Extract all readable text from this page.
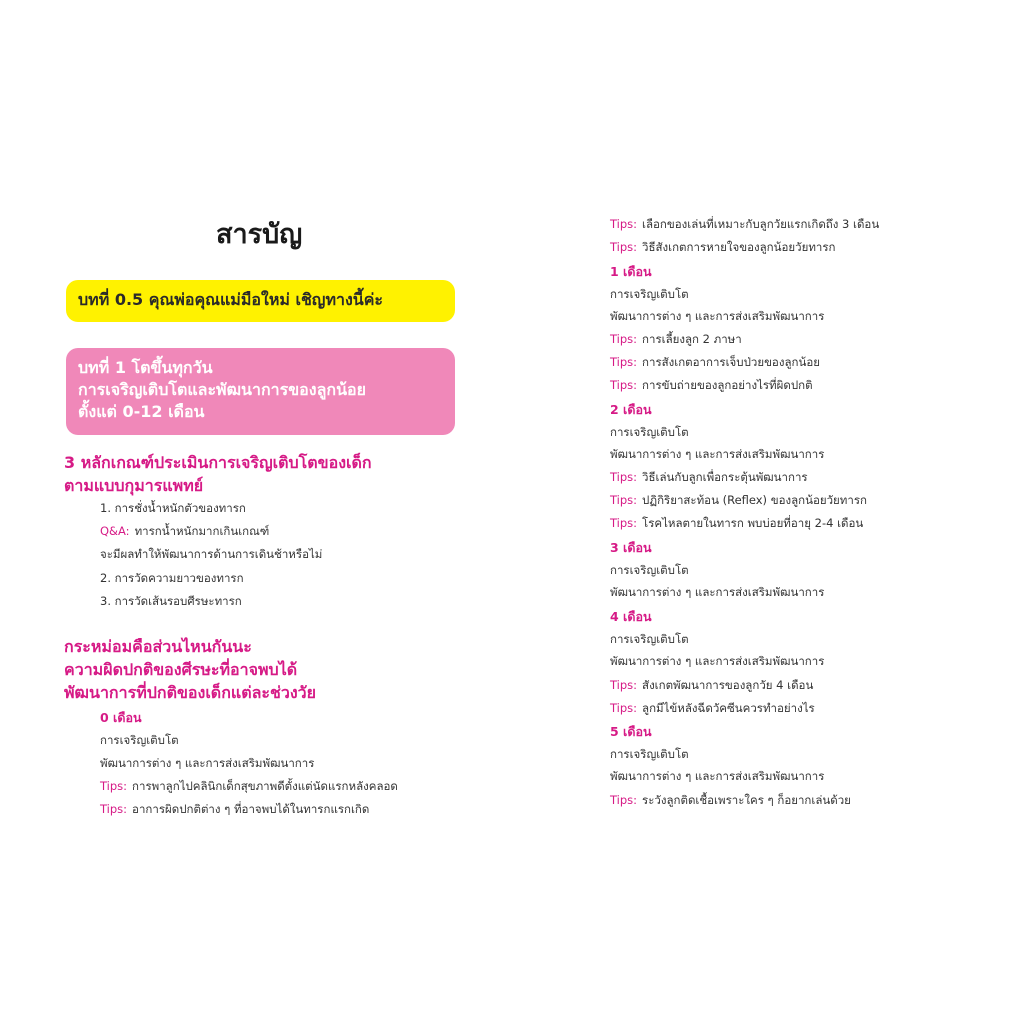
สารบัญ
บทที่ 0.5 คุณพ่อคุณแม่มือใหม่ เชิญทางนี้ค่ะ
บทที่ 1 โตขึ้นทุกวัน
การเจริญเติบโตและพัฒนาการของลูกน้อย
ตั้งแต่ 0-12 เดือน
3 หลักเกณฑ์ประเมินการเจริญเติบโตของเด็ก
ตามแบบกุมารแพทย์
1. การชั่งน้ำหนักตัวของทารก
Q&A: ทารกน้ำหนักมากเกินเกณฑ์
จะมีผลทำให้พัฒนาการด้านการเดินช้าหรือไม่
2. การวัดความยาวของทารก
3. การวัดเส้นรอบศีรษะทารก
กระหม่อมคือส่วนไหนกันนะ
ความผิดปกติของศีรษะที่อาจพบได้
พัฒนาการที่ปกติของเด็กแต่ละช่วงวัย
0 เดือน
การเจริญเติบโต
พัฒนาการต่าง ๆ และการส่งเสริมพัฒนาการ
Tips: การพาลูกไปคลินิกเด็กสุขภาพดีตั้งแต่นัดแรกหลังคลอด
Tips: อาการผิดปกติต่าง ๆ ที่อาจพบได้ในทารกแรกเกิด
Tips: เลือกของเล่นที่เหมาะกับลูกวัยแรกเกิดถึง 3 เดือน
Tips: วิธีสังเกตการหายใจของลูกน้อยวัยทารก
1 เดือน
การเจริญเติบโต
พัฒนาการต่าง ๆ และการส่งเสริมพัฒนาการ
Tips: การเลี้ยงลูก 2 ภาษา
Tips: การสังเกตอาการเจ็บป่วยของลูกน้อย
Tips: การขับถ่ายของลูกอย่างไรที่ผิดปกติ
2 เดือน
การเจริญเติบโต
พัฒนาการต่าง ๆ และการส่งเสริมพัฒนาการ
Tips: วิธีเล่นกับลูกเพื่อกระตุ้นพัฒนาการ
Tips: ปฏิกิริยาสะท้อน (Reflex) ของลูกน้อยวัยทารก
Tips: โรคไหลตายในทารก พบบ่อยที่อายุ 2-4 เดือน
3 เดือน
การเจริญเติบโต
พัฒนาการต่าง ๆ และการส่งเสริมพัฒนาการ
4 เดือน
การเจริญเติบโต
พัฒนาการต่าง ๆ และการส่งเสริมพัฒนาการ
Tips: สังเกตพัฒนาการของลูกวัย 4 เดือน
Tips: ลูกมีไข้หลังฉีดวัคซีนควรทำอย่างไร
5 เดือน
การเจริญเติบโต
พัฒนาการต่าง ๆ และการส่งเสริมพัฒนาการ
Tips: ระวังลูกติดเชื้อเพราะใคร ๆ ก็อยากเล่นด้วย
